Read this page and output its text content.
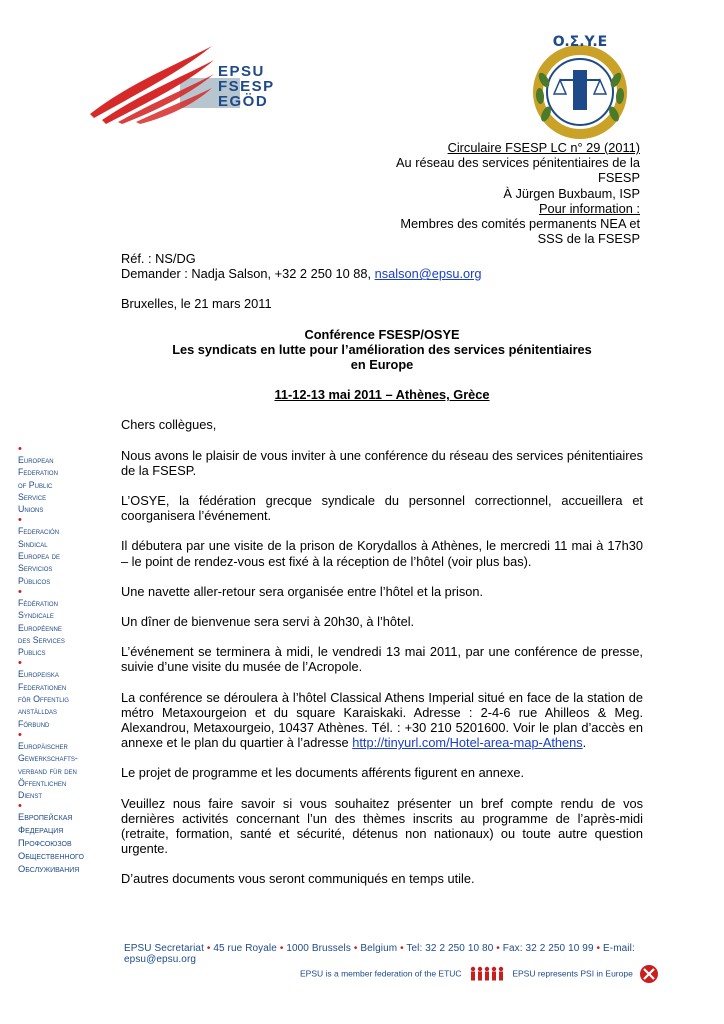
EPSU
FSESP
EGÖD
O.Σ.Y.E
Circulaire FSESP LC n° 29 (2011)
Au réseau des services pénitentiaires de la
FSESP
À Jürgen Buxbaum, ISP
Pour information :
Membres des comités permanents NEA et
SSS de la FSESP

Réf. : NS/DG

Demander : Nadja Salson, +32 2 250 10 88, nsalson@epsu.org

Bruxelles, le 21 mars 2011

Conférence FSESP/OSYE
Les syndicats en lutte pour l’amélioration des services pénitentiaires
en Europe

11-12-13 mai 2011 – Athènes, Grèce

Chers collègues,

Nous avons le plaisir de vous inviter à une conférence du réseau des services pénitentiaires de la FSESP.

L’OSYE, la fédération grecque syndicale du personnel correctionnel, accueillera et coorganisera l’événement.

Il débutera par une visite de la prison de Korydallos à Athènes, le mercredi 11 mai à 17h30 – le point de rendez-vous est fixé à la réception de l’hôtel (voir plus bas).

Une navette aller-retour sera organisée entre l’hôtel et la prison.

Un dîner de bienvenue sera servi à 20h30, à l’hôtel.

L’événement se terminera à midi, le vendredi 13 mai 2011, par une conférence de presse, suivie d’une visite du musée de l’Acropole.

La conférence se déroulera à l’hôtel Classical Athens Imperial situé en face de la station de métro Metaxourgeion et du square Karaiskaki. Adresse : 2-4-6 rue Ahilleos & Meg. Alexandrou, Metaxourgeio, 10437 Athènes. Tél. : +30 210 5201600. Voir le plan d’accès en annexe et le plan du quartier à l’adresse http://tinyurl.com/Hotel-area-map-Athens.

Le projet de programme et les documents afférents figurent en annexe.

Veuillez nous faire savoir si vous souhaitez présenter un bref compte rendu de vos dernières activités concernant l’un des thèmes inscrits au programme de l’après-midi (retraite, formation, santé et sécurité, détenus non nationaux) ou toute autre question urgente.

D’autres documents vous seront communiqués en temps utile.

•
European
Federation
of Public
Service
Unions
•
Federación
Sindical
Europea de
Servicios
Públicos
•
Fédération
Syndicale
Européenne
des Services
Publics
•
Europeiska
Federationen
för Offentlig
anställdas
Förbund
•
Europäischer
Gewerkschafts-
verband für den
Öffentlichen
Dienst
•
Европейская
Федерация
Профсоюзов
Общественного
Обслуживания
EPSU Secretariat • 45 rue Royale • 1000 Brussels • Belgium • Tel: 32 2 250 10 80 • Fax: 32 2 250 10 99 • E-mail: epsu@epsu.org
EPSU is a member federation of the ETUC	EPSU represents PSI in Europe
